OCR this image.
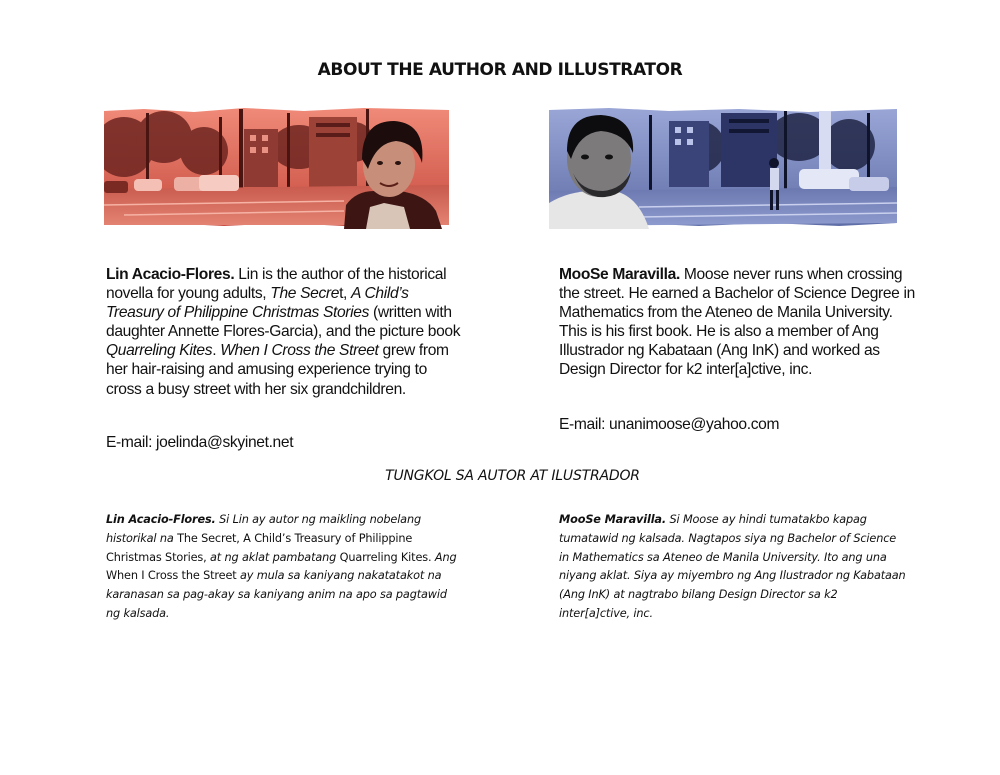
ABOUT THE AUTHOR AND ILLUSTRATOR
Lin Acacio-Flores. Lin is the author of the historical novella for young adults, The Secret, A Child’s Treasury of Philippine Christmas Stories (written with daughter Annette Flores-Garcia), and the picture book Quarreling Kites. When I Cross the Street grew from her hair-raising and amusing experience trying to cross a busy street with her six grandchildren.
E-mail: joelinda@skyinet.net
MooSe Maravilla. Moose never runs when crossing the street. He earned a Bachelor of Science Degree in Mathematics from the Ateneo de Manila University. This is his first book. He is also a member of Ang Illustrador ng Kabataan (Ang InK) and worked as Design Director for k2 inter[a]ctive, inc.
E-mail: unanimoose@yahoo.com
TUNGKOL SA AUTOR AT ILUSTRADOR
Lin Acacio-Flores. Si Lin ay autor ng maikling nobelang historikal na The Secret, A Child’s Treasury of Philippine Christmas Stories, at ng aklat pambatang Quarreling Kites. Ang When I Cross the Street ay mula sa kaniyang nakatatakot na karanasan sa pag-akay sa kaniyang anim na apo sa pagtawid ng kalsada.
MooSe Maravilla. Si Moose ay hindi tumatakbo kapag tumatawid ng kalsada. Nagtapos siya ng Bachelor of Science in Mathematics sa Ateneo de Manila University. Ito ang una niyang aklat. Siya ay miyembro ng Ang Ilustrador ng Kabataan (Ang InK) at nagtrabo bilang Design Director sa k2 inter[a]ctive, inc.
